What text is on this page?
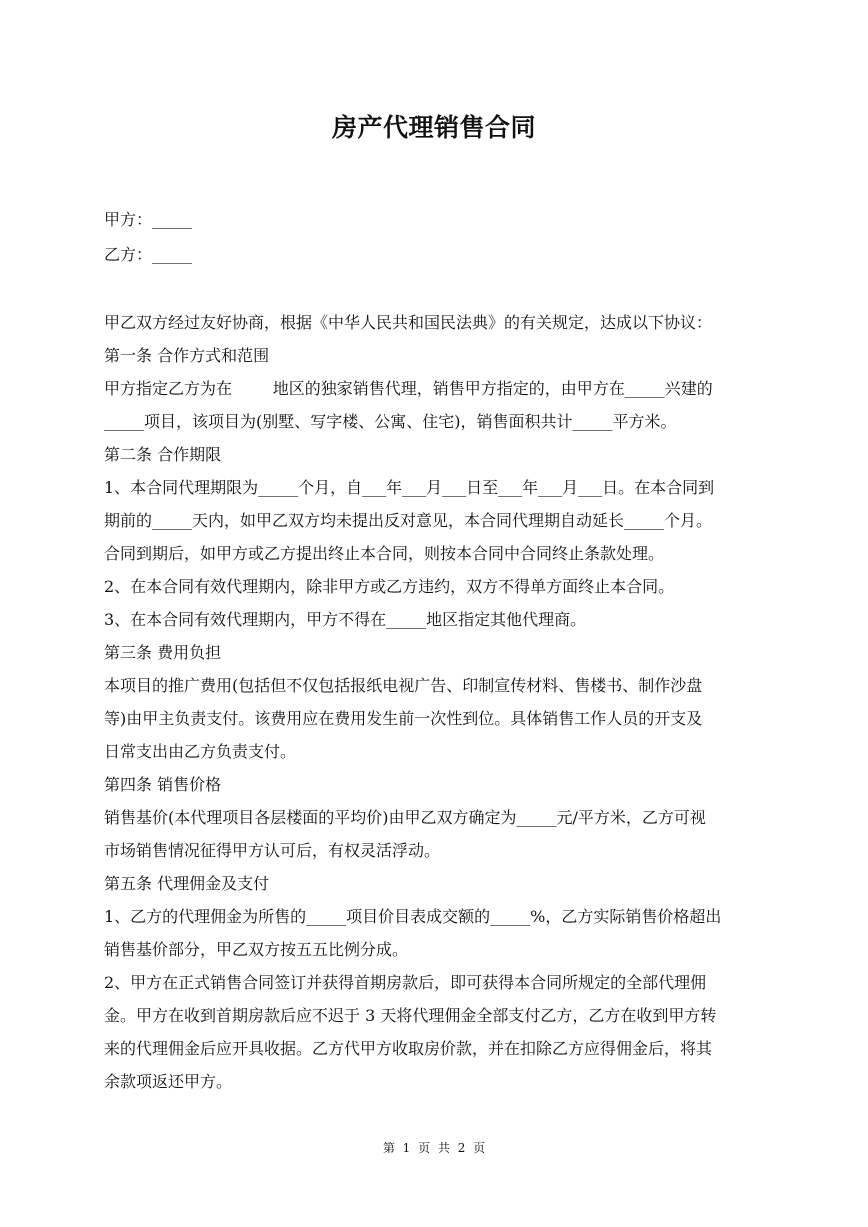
房产代理销售合同

甲方：_____

乙方：_____

甲乙双方经过友好协商，根据《中华人民共和国民法典》的有关规定，达成以下协议：

第一条 合作方式和范围

甲方指定乙方为在        地区的独家销售代理，销售甲方指定的，由甲方在_____兴建的

_____项目，该项目为(别墅、写字楼、公寓、住宅)，销售面积共计_____平方米。

第二条 合作期限

1、本合同代理期限为_____个月，自___年___月___日至___年___月___日。在本合同到

期前的_____天内，如甲乙双方均未提出反对意见，本合同代理期自动延长_____个月。

合同到期后，如甲方或乙方提出终止本合同，则按本合同中合同终止条款处理。

2、在本合同有效代理期内，除非甲方或乙方违约，双方不得单方面终止本合同。

3、在本合同有效代理期内，甲方不得在_____地区指定其他代理商。

第三条 费用负担

本项目的推广费用(包括但不仅包括报纸电视广告、印制宣传材料、售楼书、制作沙盘

等)由甲主负责支付。该费用应在费用发生前一次性到位。具体销售工作人员的开支及

日常支出由乙方负责支付。

第四条 销售价格

销售基价(本代理项目各层楼面的平均价)由甲乙双方确定为_____元/平方米，乙方可视

市场销售情况征得甲方认可后，有权灵活浮动。

第五条 代理佣金及支付

1、乙方的代理佣金为所售的_____项目价目表成交额的_____%，乙方实际销售价格超出

销售基价部分，甲乙双方按五五比例分成。

2、甲方在正式销售合同签订并获得首期房款后，即可获得本合同所规定的全部代理佣

金。甲方在收到首期房款后应不迟于 3 天将代理佣金全部支付乙方，乙方在收到甲方转

来的代理佣金后应开具收据。乙方代甲方收取房价款，并在扣除乙方应得佣金后，将其

余款项返还甲方。

第 1 页 共 2 页
